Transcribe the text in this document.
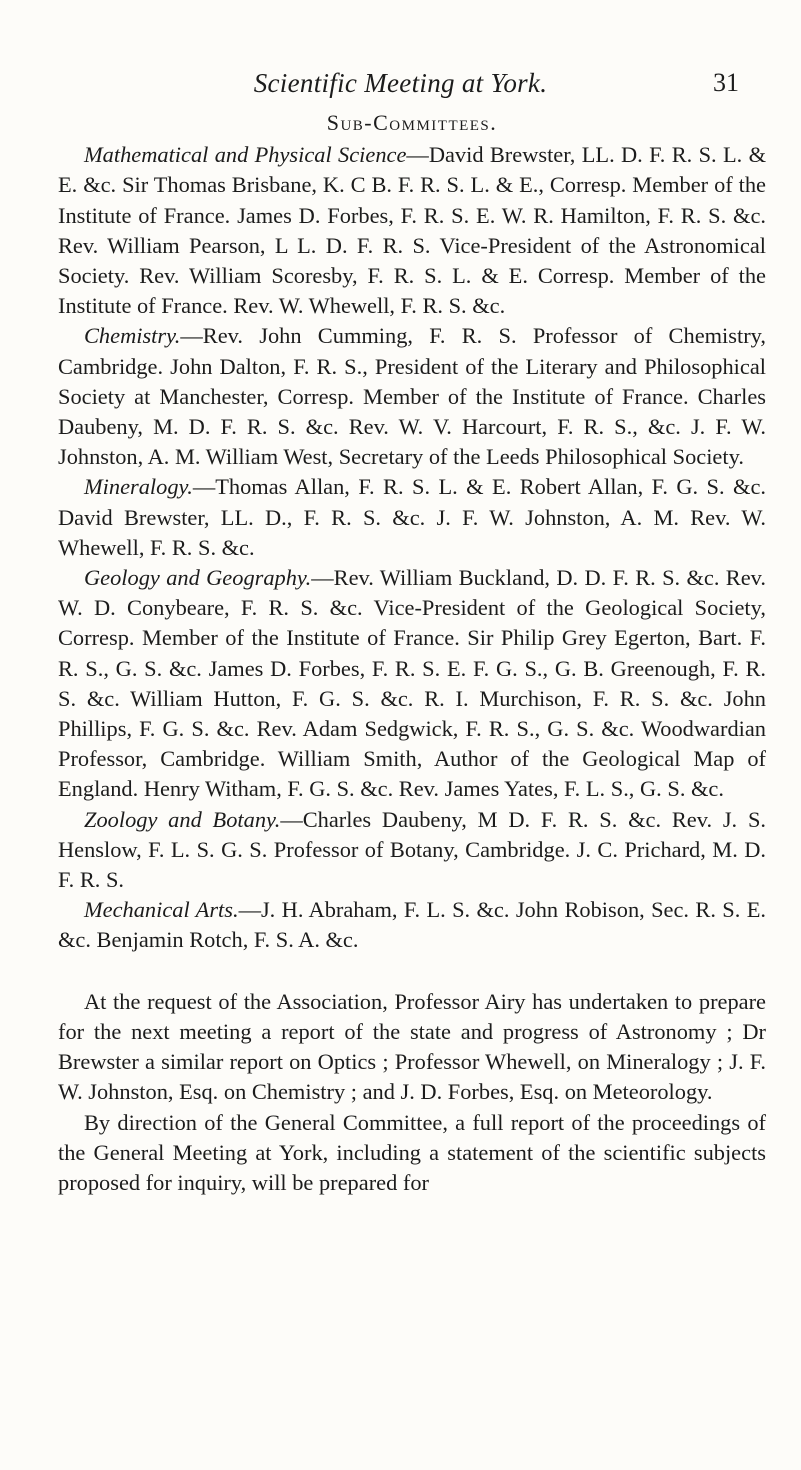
Scientific Meeting at York.	31
Sub-Committees.

Mathematical and Physical Science—David Brewster, LL. D. F. R. S. L. & E. &c. Sir Thomas Brisbane, K. C B. F. R. S. L. & E., Corresp. Member of the Institute of France. James D. Forbes, F. R. S. E. W. R. Hamilton, F. R. S. &c. Rev. William Pearson, L L. D. F. R. S. Vice-President of the Astronomical Society. Rev. William Scoresby, F. R. S. L. & E. Corresp. Member of the Institute of France. Rev. W. Whewell, F. R. S. &c.

Chemistry.—Rev. John Cumming, F. R. S. Professor of Chemistry, Cambridge. John Dalton, F. R. S., President of the Literary and Philosophical Society at Manchester, Corresp. Member of the Institute of France. Charles Daubeny, M. D. F. R. S. &c. Rev. W. V. Harcourt, F. R. S., &c. J. F. W. Johnston, A. M. William West, Secretary of the Leeds Philosophical Society.

Mineralogy.—Thomas Allan, F. R. S. L. & E. Robert Allan, F. G. S. &c. David Brewster, LL. D., F. R. S. &c. J. F. W. Johnston, A. M. Rev. W. Whewell, F. R. S. &c.

Geology and Geography.—Rev. William Buckland, D. D. F. R. S. &c. Rev. W. D. Conybeare, F. R. S. &c. Vice-President of the Geological Society, Corresp. Member of the Institute of France. Sir Philip Grey Egerton, Bart. F. R. S., G. S. &c. James D. Forbes, F. R. S. E. F. G. S., G. B. Greenough, F. R. S. &c. William Hutton, F. G. S. &c. R. I. Murchison, F. R. S. &c. John Phillips, F. G. S. &c. Rev. Adam Sedgwick, F. R. S., G. S. &c. Woodwardian Professor, Cambridge. William Smith, Author of the Geological Map of England. Henry Witham, F. G. S. &c. Rev. James Yates, F. L. S., G. S. &c.

Zoology and Botany.—Charles Daubeny, M D. F. R. S. &c. Rev. J. S. Henslow, F. L. S. G. S. Professor of Botany, Cambridge. J. C. Prichard, M. D. F. R. S.

Mechanical Arts.—J. H. Abraham, F. L. S. &c. John Robison, Sec. R. S. E. &c. Benjamin Rotch, F. S. A. &c.

At the request of the Association, Professor Airy has undertaken to prepare for the next meeting a report of the state and progress of Astronomy ; Dr Brewster a similar report on Optics ; Professor Whewell, on Mineralogy ; J. F. W. Johnston, Esq. on Chemistry ; and J. D. Forbes, Esq. on Meteorology.

By direction of the General Committee, a full report of the proceedings of the General Meeting at York, including a statement of the scientific subjects proposed for inquiry, will be prepared for
